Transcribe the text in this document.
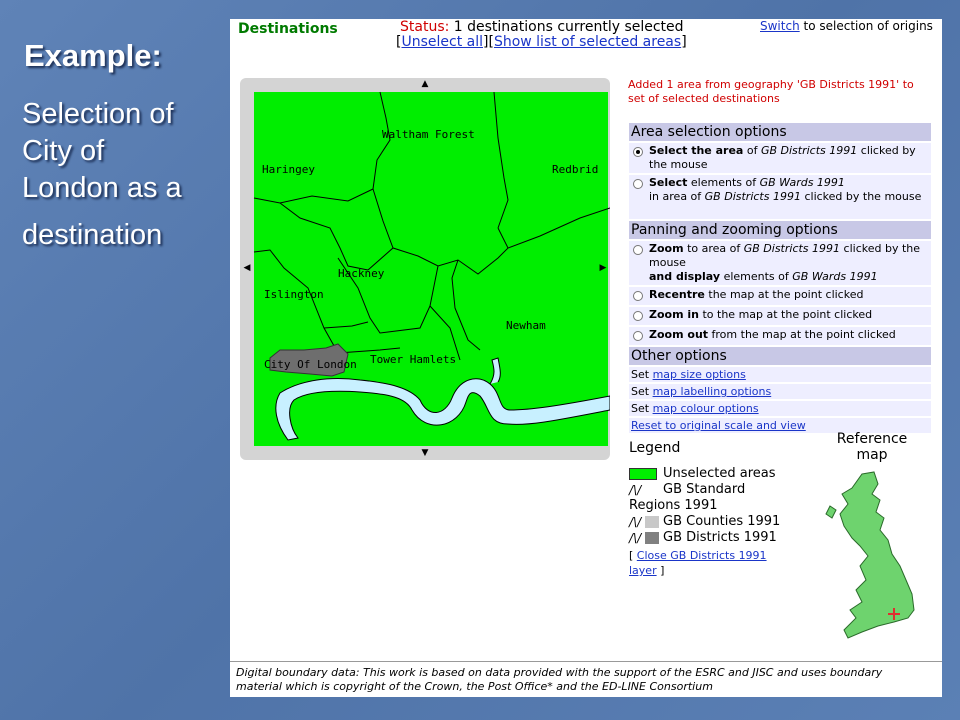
Example:
Selection of
City of
London as a
destination
Destinations	Status: 1 destinations currently selected
[Unselect all][Show list of selected areas]
Switch to selection of origins
Waltham Forest
Haringey	Redbrid
Hackney
Islington
Newham
City Of London Tower Hamlets
▲
▼
◀	▶
Added 1 area from geography 'GB Districts 1991' to set of selected destinations
Area selection options
Select the area of GB Districts 1991 clicked by the mouse
Select elements of GB Wards 1991
in area of GB Districts 1991 clicked by the mouse
Panning and zooming options
Zoom to area of GB Districts 1991 clicked by the mouse
and display elements of GB Wards 1991
Recentre the map at the point clicked
Zoom in to the map at the point clicked
Zoom out from the map at the point clicked
Other options
Set map size options
Set map labelling options
Set map colour options
Reset to original scale and view
Legend
Unselected areas
/\/ GB Standard
Regions 1991
/\/ GB Counties 1991
/\/ GB Districts 1991
[ Close GB Districts 1991
layer ]
Reference
map
Digital boundary data: This work is based on data provided with the support of the ESRC and JISC and uses boundary
material which is copyright of the Crown, the Post Office* and the ED-LINE Consortium
